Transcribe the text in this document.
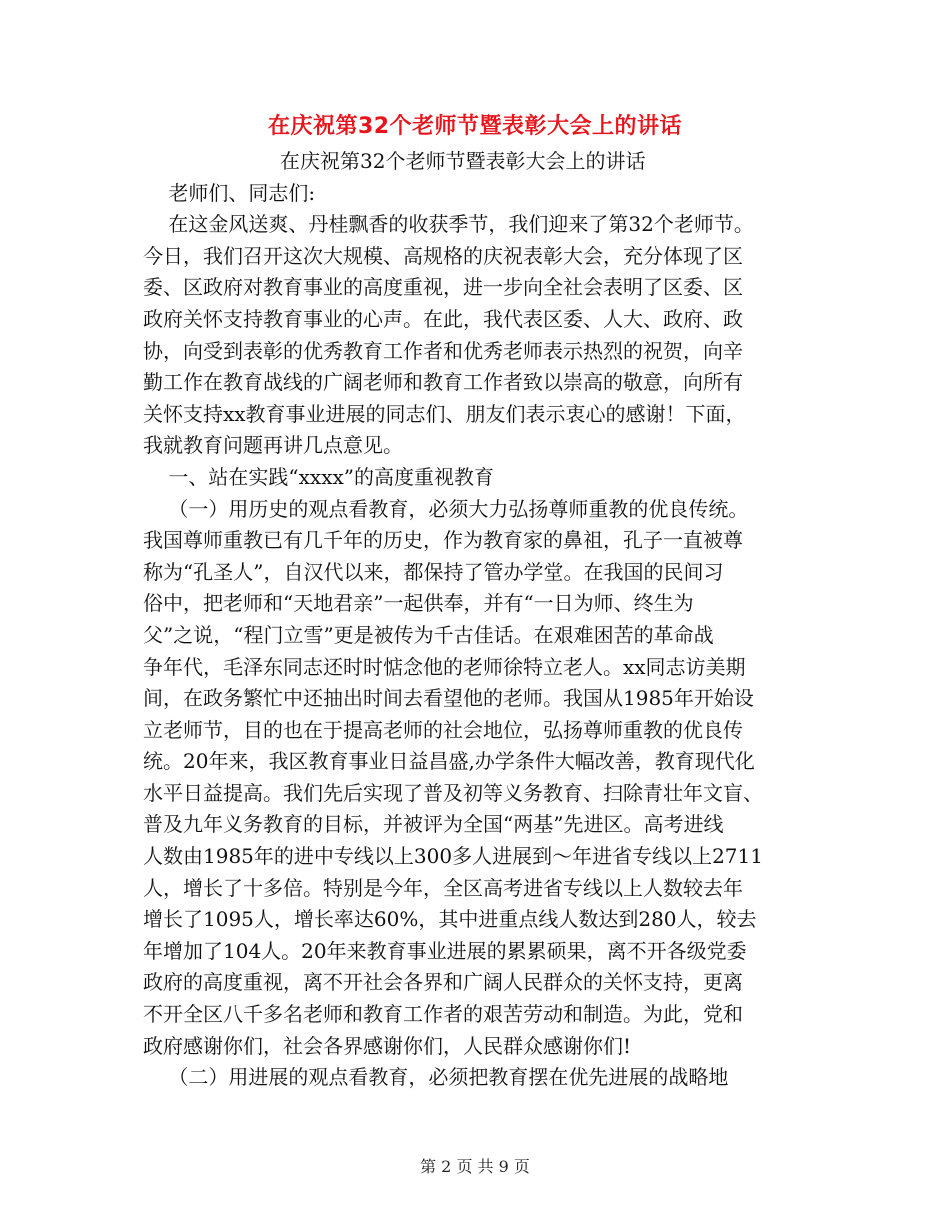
在庆祝第32个老师节暨表彰大会上的讲话

在庆祝第32个老师节暨表彰大会上的讲话

老师们、同志们:

在这金风送爽、丹桂飘香的收获季节，我们迎来了第32个老师节。

今日，我们召开这次大规模、高规格的庆祝表彰大会，充分体现了区

委、区政府对教育事业的高度重视，进一步向全社会表明了区委、区

政府关怀支持教育事业的心声。在此，我代表区委、人大、政府、政

协，向受到表彰的优秀教育工作者和优秀老师表示热烈的祝贺，向辛

勤工作在教育战线的广阔老师和教育工作者致以崇高的敬意，向所有

关怀支持xx教育事业进展的同志们、朋友们表示衷心的感谢！下面，

我就教育问题再讲几点意见。

一、站在实践“xxxx”的高度重视教育

（一）用历史的观点看教育，必须大力弘扬尊师重教的优良传统。

我国尊师重教已有几千年的历史，作为教育家的鼻祖，孔子一直被尊

称为“孔圣人”，自汉代以来，都保持了管办学堂。在我国的民间习

俗中，把老师和“天地君亲”一起供奉，并有“一日为师、终生为

父”之说，“程门立雪”更是被传为千古佳话。在艰难困苦的革命战

争年代，毛泽东同志还时时惦念他的老师徐特立老人。xx同志访美期

间，在政务繁忙中还抽出时间去看望他的老师。我国从1985年开始设

立老师节，目的也在于提高老师的社会地位，弘扬尊师重教的优良传

统。20年来，我区教育事业日益昌盛,办学条件大幅改善，教育现代化

水平日益提高。我们先后实现了普及初等义务教育、扫除青壮年文盲、

普及九年义务教育的目标，并被评为全国“两基”先进区。高考进线

人数由1985年的进中专线以上300多人进展到～年进省专线以上2711

人，增长了十多倍。特别是今年，全区高考进省专线以上人数较去年

增长了1095人，增长率达60%，其中进重点线人数达到280人，较去

年增加了104人。20年来教育事业进展的累累硕果，离不开各级党委

政府的高度重视，离不开社会各界和广阔人民群众的关怀支持，更离

不开全区八千多名老师和教育工作者的艰苦劳动和制造。为此，党和

政府感谢你们，社会各界感谢你们，人民群众感谢你们!

（二）用进展的观点看教育，必须把教育摆在优先进展的战略地

第 2 页 共 9 页
